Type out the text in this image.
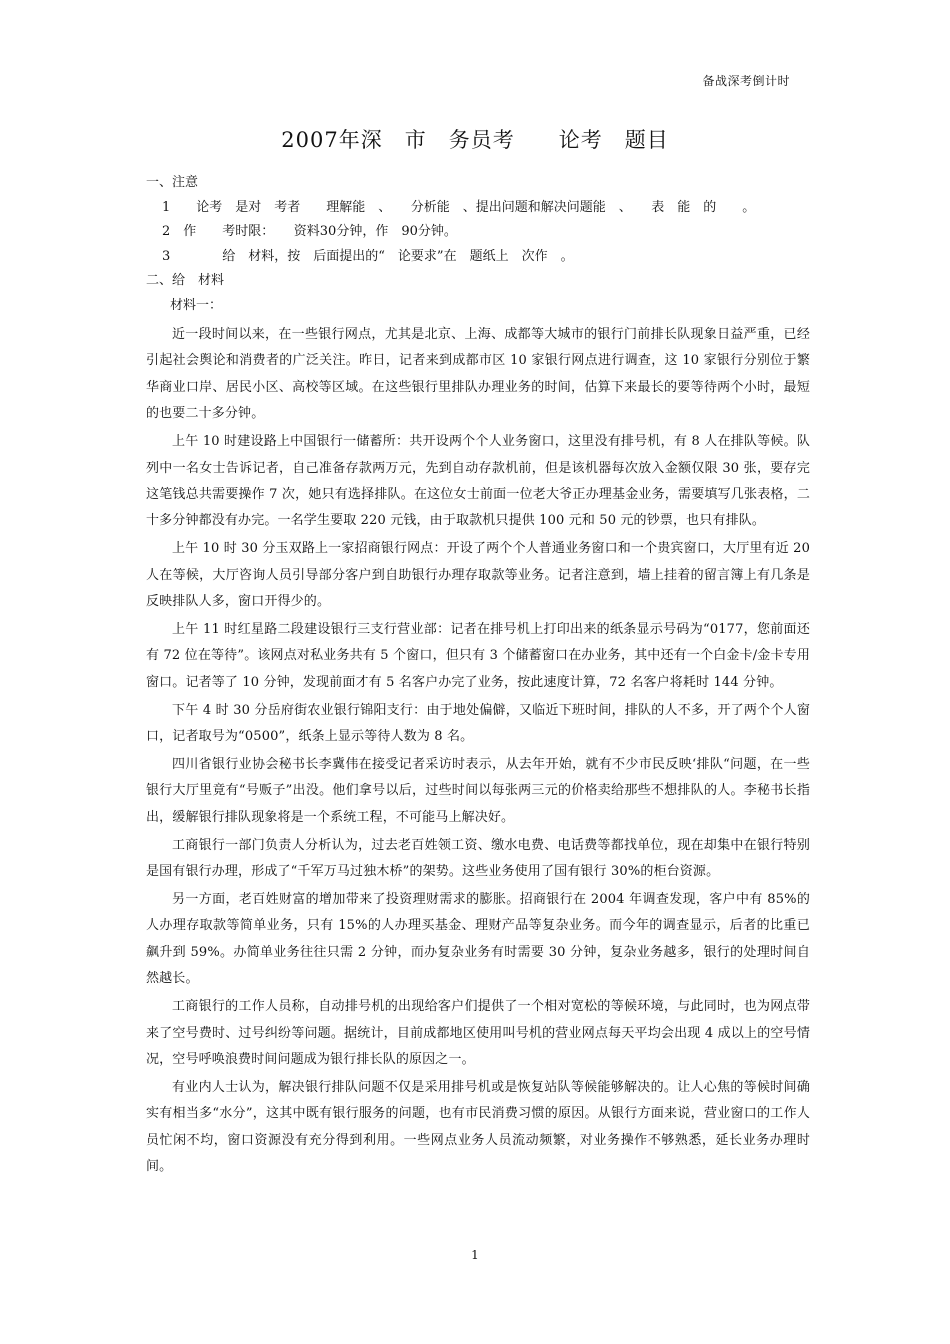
备战深考倒计时
2007年深　市　务员考　　论考　题目
一、注意
1　　论考　是对　考者　　理解能　、　　分析能　、提出问题和解决问题能　、　　表　能　的　　。
2　作　　考时限：　　资料30分钟，作　90分钟。
3　　　　给　材料，按　后面提出的“　论要求”在　题纸上　次作　。
二、给　材料
材料一：

近一段时间以来，在一些银行网点，尤其是北京、上海、成都等大城市的银行门前排长队现象日益严重，已经引起社会舆论和消费者的广泛关注。昨日，记者来到成都市区 10 家银行网点进行调查，这 10 家银行分别位于繁华商业口岸、居民小区、高校等区域。在这些银行里排队办理业务的时间，估算下来最长的要等待两个小时，最短的也要二十多分钟。

上午 10 时建设路上中国银行一储蓄所：共开设两个个人业务窗口，这里没有排号机，有 8 人在排队等候。队列中一名女士告诉记者，自己准备存款两万元，先到自动存款机前，但是该机器每次放入金额仅限 30 张，要存完这笔钱总共需要操作 7 次，她只有选择排队。在这位女士前面一位老大爷正办理基金业务，需要填写几张表格，二十多分钟都没有办完。一名学生要取 220 元钱，由于取款机只提供 100 元和 50 元的钞票，也只有排队。

上午 10 时 30 分玉双路上一家招商银行网点：开设了两个个人普通业务窗口和一个贵宾窗口，大厅里有近 20 人在等候，大厅咨询人员引导部分客户到自助银行办理存取款等业务。记者注意到，墙上挂着的留言簿上有几条是反映排队人多，窗口开得少的。

上午 11 时红星路二段建设银行三支行营业部：记者在排号机上打印出来的纸条显示号码为“0177，您前面还有 72 位在等待”。该网点对私业务共有 5 个窗口，但只有 3 个储蓄窗口在办业务，其中还有一个白金卡/金卡专用窗口。记者等了 10 分钟，发现前面才有 5 名客户办完了业务，按此速度计算，72 名客户将耗时 144 分钟。

下午 4 时 30 分岳府街农业银行锦阳支行：由于地处偏僻，又临近下班时间，排队的人不多，开了两个个人窗口，记者取号为“0500”，纸条上显示等待人数为 8 名。

四川省银行业协会秘书长李冀伟在接受记者采访时表示，从去年开始，就有不少市民反映‘排队“问题，在一些银行大厅里竟有“号贩子”出没。他们拿号以后，过些时间以每张两三元的价格卖给那些不想排队的人。李秘书长指出，缓解银行排队现象将是一个系统工程，不可能马上解决好。

工商银行一部门负责人分析认为，过去老百姓领工资、缴水电费、电话费等都找单位，现在却集中在银行特别是国有银行办理，形成了“千军万马过独木桥”的架势。这些业务使用了国有银行 30%的柜台资源。

另一方面，老百姓财富的增加带来了投资理财需求的膨胀。招商银行在 2004 年调查发现，客户中有 85%的人办理存取款等简单业务，只有 15%的人办理买基金、理财产品等复杂业务。而今年的调查显示，后者的比重已飙升到 59%。办简单业务往往只需 2 分钟，而办复杂业务有时需要 30 分钟，复杂业务越多，银行的处理时间自然越长。

工商银行的工作人员称，自动排号机的出现给客户们提供了一个相对宽松的等候环境，与此同时，也为网点带来了空号费时、过号纠纷等问题。据统计，目前成都地区使用叫号机的营业网点每天平均会出现 4 成以上的空号情况，空号呼唤浪费时间问题成为银行排长队的原因之一。

有业内人士认为，解决银行排队问题不仅是采用排号机或是恢复站队等候能够解决的。让人心焦的等候时间确实有相当多“水分”，这其中既有银行服务的问题，也有市民消费习惯的原因。从银行方面来说，营业窗口的工作人员忙闲不均，窗口资源没有充分得到利用。一些网点业务人员流动频繁，对业务操作不够熟悉，延长业务办理时间。

1
